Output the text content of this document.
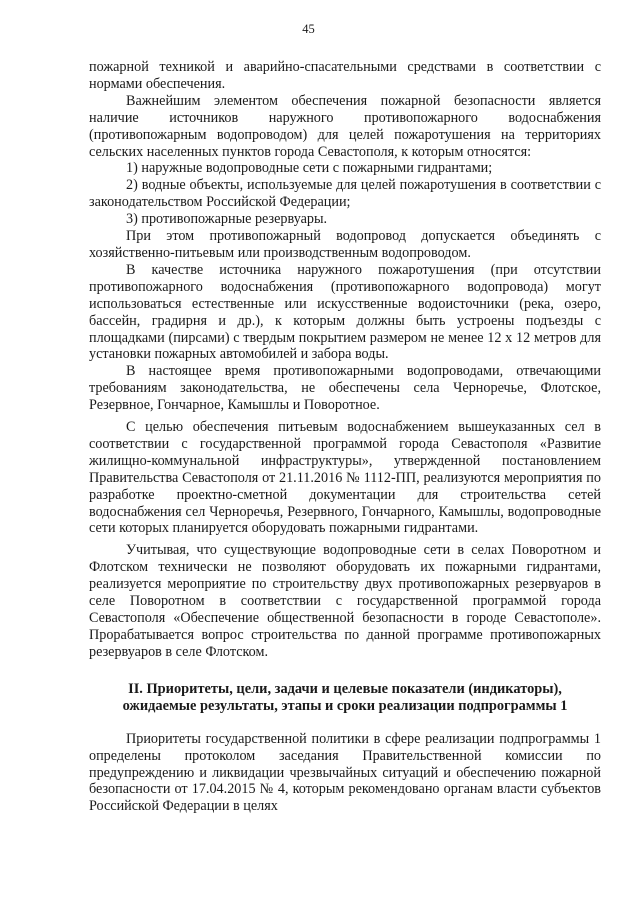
45

пожарной техникой и аварийно-спасательными средствами в соответствии с нормами обеспечения.

Важнейшим элементом обеспечения пожарной безопасности является наличие источников наружного противопожарного водоснабжения (противопожарным водопроводом) для целей пожаротушения на территориях сельских населенных пунктов города Севастополя, к которым относятся:

1) наружные водопроводные сети с пожарными гидрантами;

2) водные объекты, используемые для целей пожаротушения в соответствии с законодательством Российской Федерации;

3) противопожарные резервуары.

При этом противопожарный водопровод допускается объединять с хозяйственно-питьевым или производственным водопроводом.

В качестве источника наружного пожаротушения (при отсутствии противопожарного водоснабжения (противопожарного водопровода) могут использоваться естественные или искусственные водоисточники (река, озеро, бассейн, градирня и др.), к которым должны быть устроены подъезды с площадками (пирсами) с твердым покрытием размером не менее 12 x 12 метров для установки пожарных автомобилей и забора воды.

В настоящее время противопожарными водопроводами, отвечающими требованиям законодательства, не обеспечены села Черноречье, Флотское, Резервное, Гончарное, Камышлы и Поворотное.

С целью обеспечения питьевым водоснабжением вышеуказанных сел в соответствии с государственной программой города Севастополя «Развитие жилищно-коммунальной инфраструктуры», утвержденной постановлением Правительства Севастополя от 21.11.2016 № 1112-ПП, реализуются мероприятия по разработке проектно-сметной документации для строительства сетей водоснабжения сел Черноречья, Резервного, Гончарного, Камышлы, водопроводные сети которых планируется оборудовать пожарными гидрантами.

Учитывая, что существующие водопроводные сети в селах Поворотном и Флотском технически не позволяют оборудовать их пожарными гидрантами, реализуется мероприятие по строительству двух противопожарных резервуаров в селе Поворотном в соответствии с государственной программой города Севастополя «Обеспечение общественной безопасности в городе Севастополе». Прорабатывается вопрос строительства по данной программе противопожарных резервуаров в селе Флотском.

II. Приоритеты, цели, задачи и целевые показатели (индикаторы),

ожидаемые результаты, этапы и сроки реализации подпрограммы 1

Приоритеты государственной политики в сфере реализации подпрограммы 1 определены протоколом заседания Правительственной комиссии по предупреждению и ликвидации чрезвычайных ситуаций и обеспечению пожарной безопасности от 17.04.2015 № 4, которым рекомендовано органам власти субъектов Российской Федерации в целях
